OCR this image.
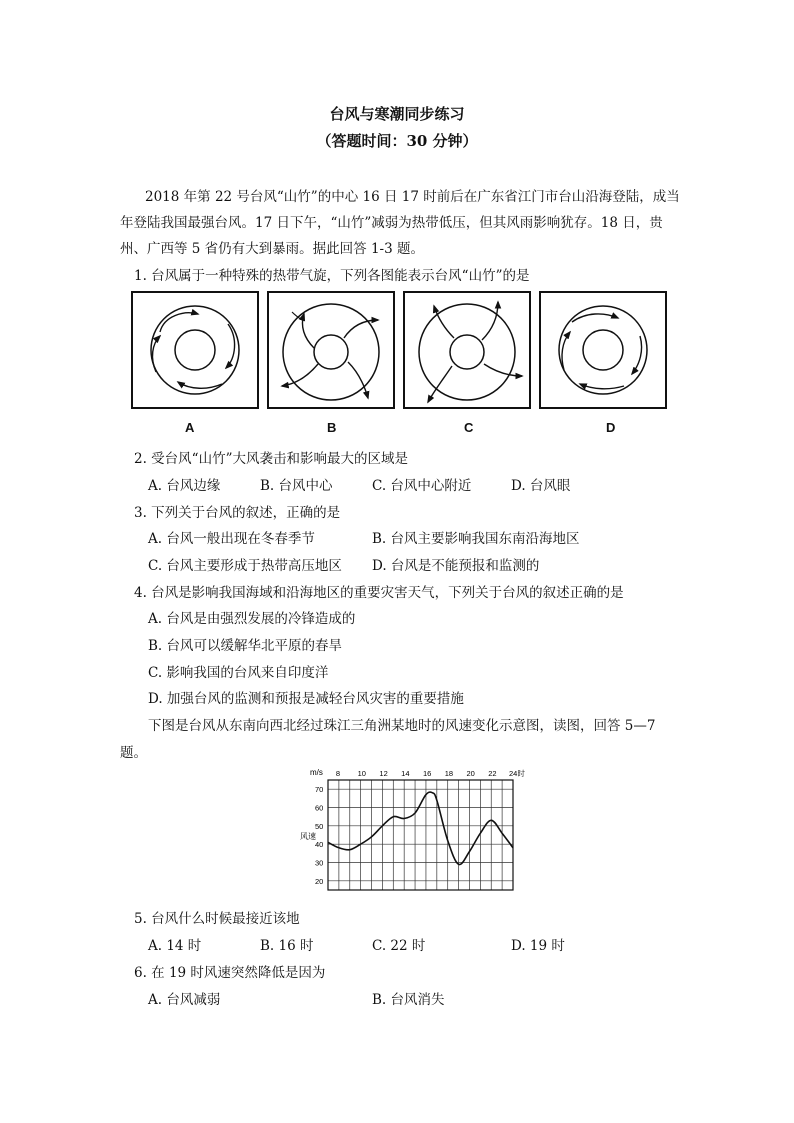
台风与寒潮同步练习
（答题时间：30 分钟）
2018 年第 22 号台风“山竹”的中心 16 日 17 时前后在广东省江门市台山沿海登陆，成当
年登陆我国最强台风。17 日下午，“山竹”减弱为热带低压，但其风雨影响犹存。18 日，贵
州、广西等 5 省仍有大到暴雨。据此回答 1-3 题。
1. 台风属于一种特殊的热带气旋，下列各图能表示台风“山竹”的是
A	B	C	D
2. 受台风“山竹”大风袭击和影响最大的区域是
A. 台风边缘	B. 台风中心	C. 台风中心附近	D. 台风眼
3. 下列关于台风的叙述，正确的是
A. 台风一般出现在冬春季节	B. 台风主要影响我国东南沿海地区
C. 台风主要形成于热带高压地区 D. 台风是不能预报和监测的
4. 台风是影响我国海域和沿海地区的重要灾害天气，下列关于台风的叙述正确的是
A. 台风是由强烈发展的冷锋造成的
B. 台风可以缓解华北平原的春旱
C. 影响我国的台风来自印度洋
D. 加强台风的监测和预报是减轻台风灾害的重要措施
下图是台风从东南向西北经过珠江三角洲某地时的风速变化示意图，读图，回答 5—7
题。
8 10 12 14 16 18 20 22 24时
20
30
40
50
60
70
m/s
风速
5. 台风什么时候最接近该地
A. 14 时	B. 16 时	C. 22 时	D. 19 时
6. 在 19 时风速突然降低是因为
A. 台风减弱	B. 台风消失
